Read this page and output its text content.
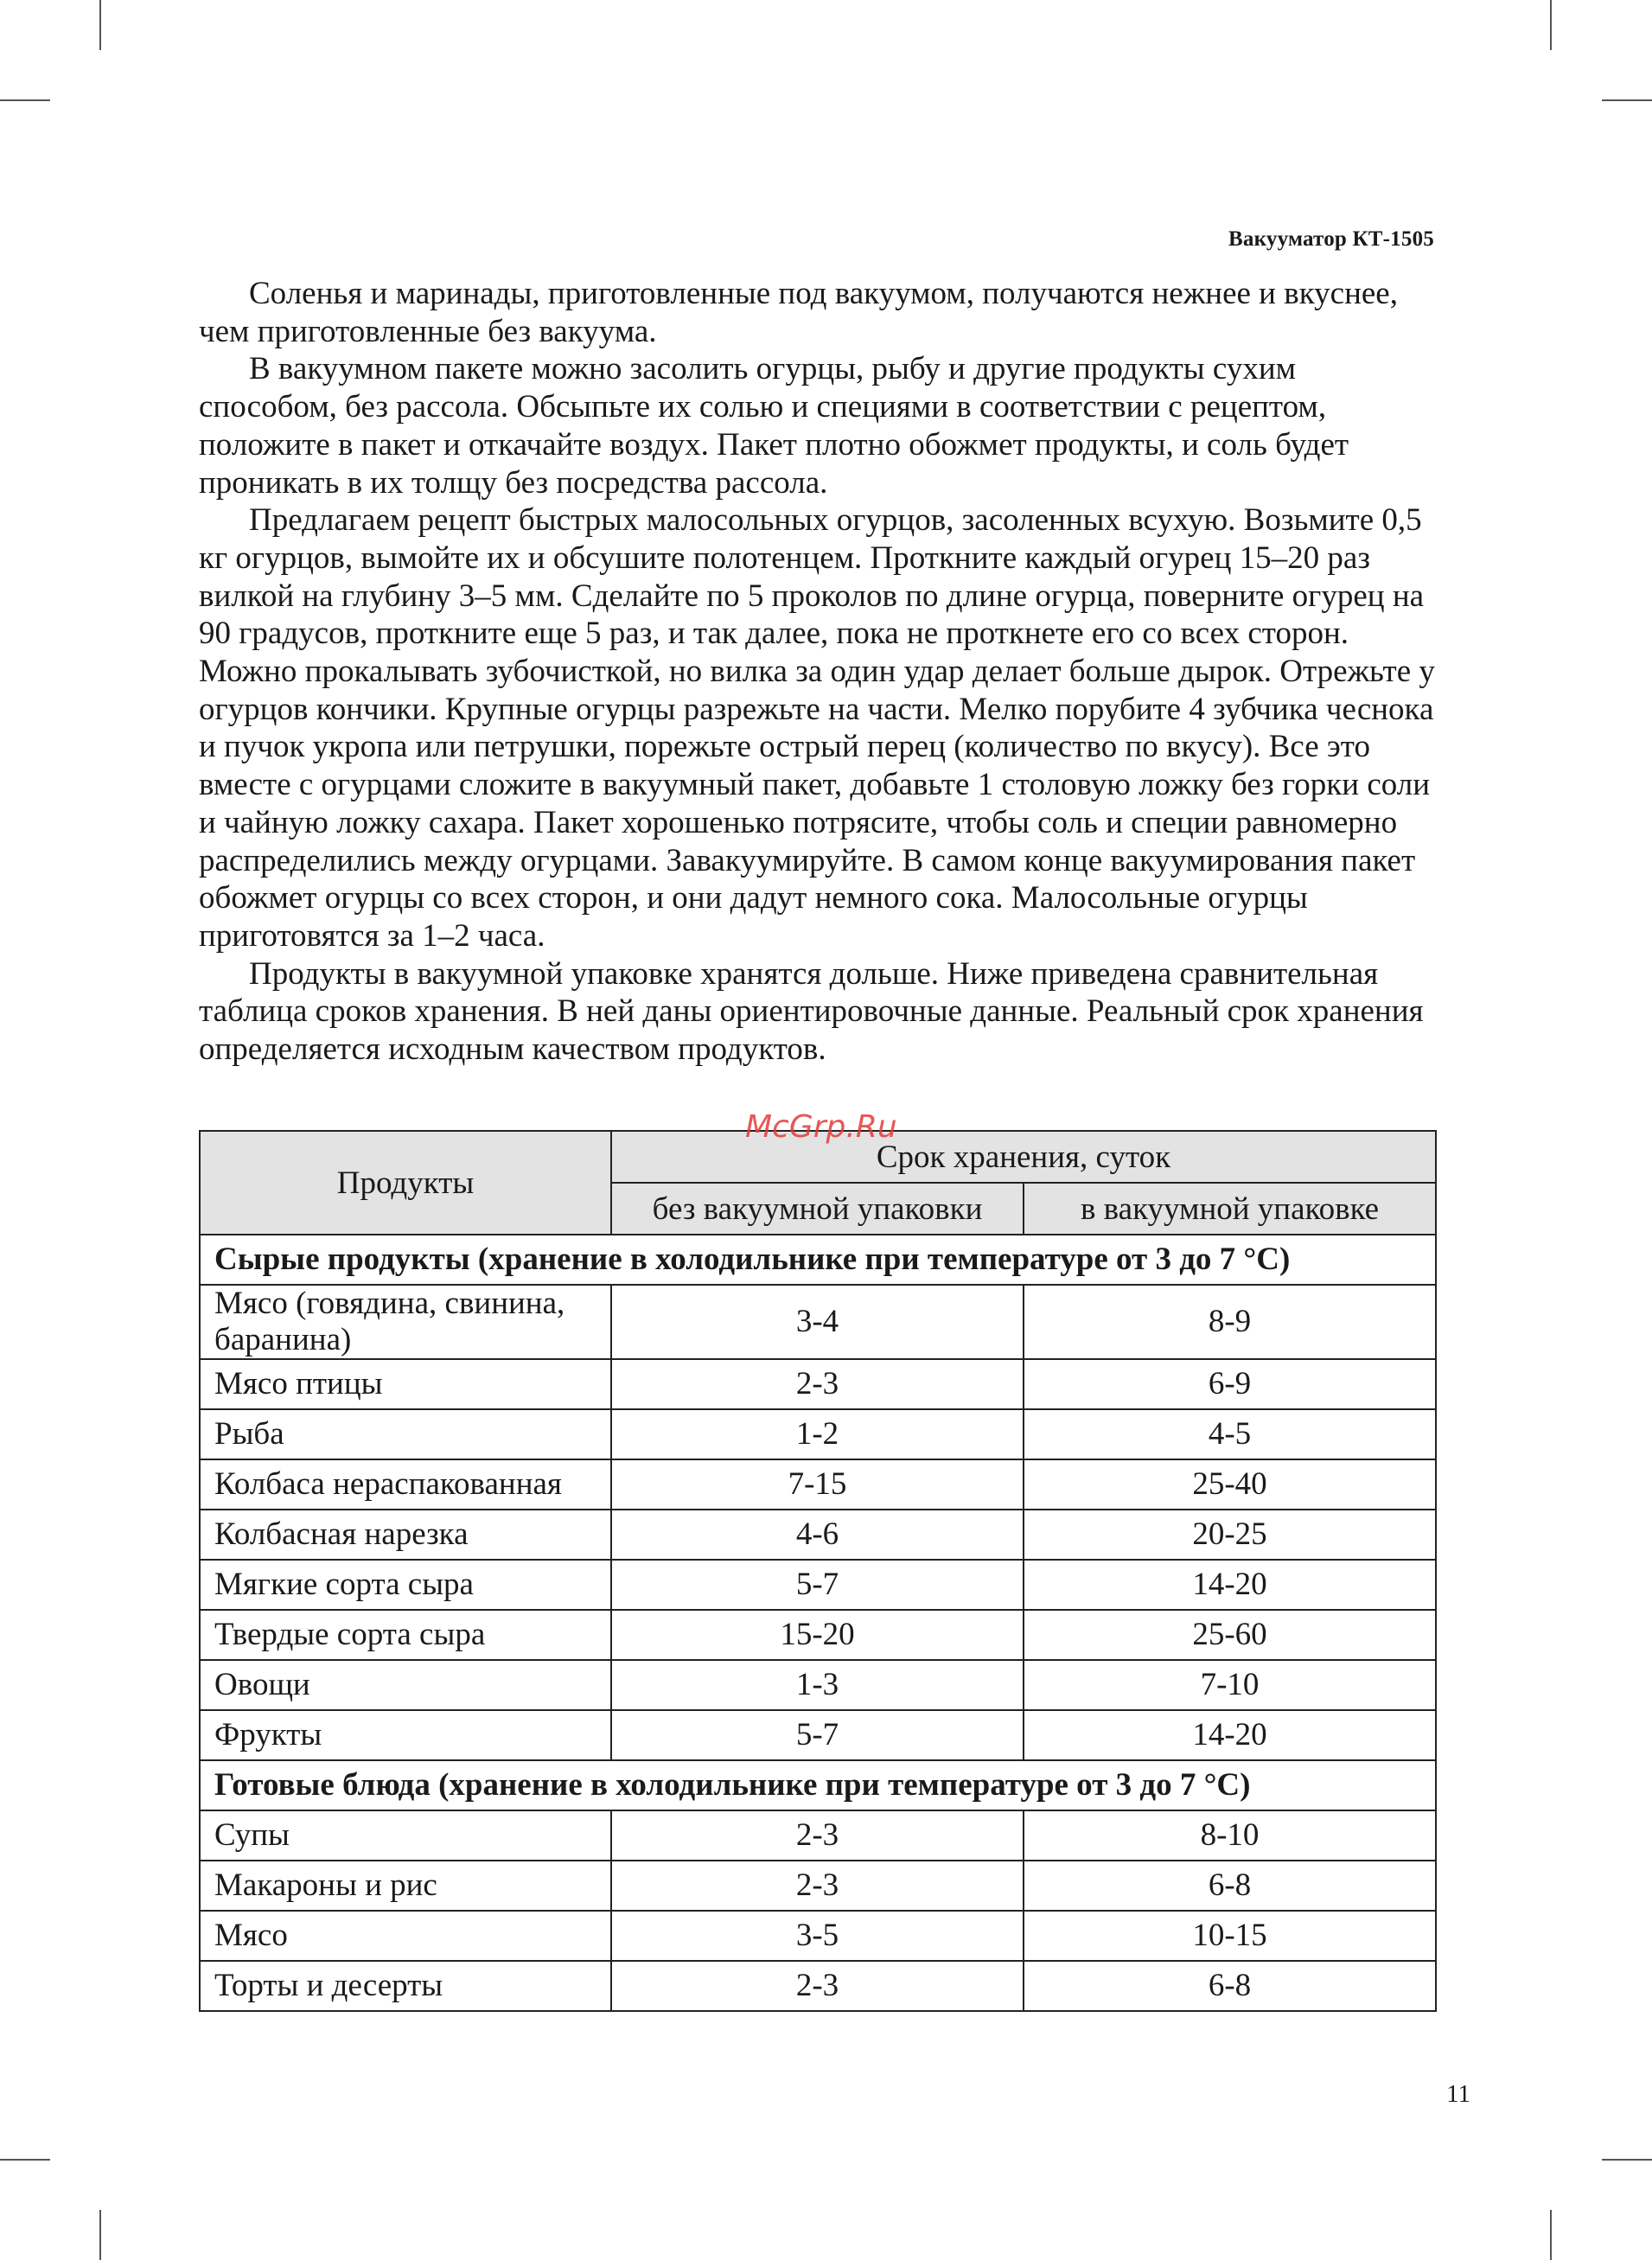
Вакууматор КТ-1505

Соленья и маринады, приготовленные под вакуумом, получаются нежнее и вкуснее, чем приготовленные без вакуума.

В вакуумном пакете можно засолить огурцы, рыбу и другие продукты сухим способом, без рассола. Обсыпьте их солью и специями в соответствии с рецептом, положите в пакет и откачайте воздух. Пакет плотно обожмет продукты, и соль будет проникать в их толщу без посредства рассола.

Предлагаем рецепт быстрых малосольных огурцов, засоленных всухую. Возьмите 0,5 кг огурцов, вымойте их и обсушите полотенцем. Проткните каждый огурец 15–20 раз вилкой на глубину 3–5 мм. Сделайте по 5 проколов по длине огурца, поверните огурец на 90 градусов, проткните еще 5 раз, и так далее, пока не проткнете его со всех сторон. Можно прокалывать зубочисткой, но вилка за один удар делает больше дырок. Отрежьте у огурцов кончики. Крупные огурцы разрежьте на части. Мелко порубите 4 зубчика чеснока и пучок укропа или петрушки, порежьте острый перец (количество по вкусу). Все это вместе с огурцами сложите в вакуумный пакет, добавьте 1 столовую ложку без горки соли и чайную ложку сахара. Пакет хорошенько потрясите, чтобы соль и специи равномерно распределились между огурцами. Завакуумируйте. В самом конце вакуумирования пакет обожмет огурцы со всех сторон, и они дадут немного сока. Малосольные огурцы приготовятся за 1–2 часа.

Продукты в вакуумной упаковке хранятся дольше. Ниже приведена сравнительная таблица сроков хранения. В ней даны ориентировочные данные. Реальный срок хранения определяется исходным качеством продуктов.

Продукты	Срок хранения, суток	
	без вакуумной упаковки	в вакуумной упаковке
Сырые продукты (хранение в холодильнике при температуре от 3 до 7 °С)		
Мясо (говядина, свинина, баранина)	3-4	8-9
Мясо птицы	2-3	6-9
Рыба	1-2	4-5
Колбаса нераспакованная	7-15	25-40
Колбасная нарезка	4-6	20-25
Мягкие сорта сыра	5-7	14-20
Твердые сорта сыра	15-20	25-60
Овощи	1-3	7-10
Фрукты	5-7	14-20
Готовые блюда (хранение в холодильнике при температуре от 3 до 7 °С)		
Супы	2-3	8-10
Макароны и рис	2-3	6-8
Мясо	3-5	10-15
Торты и десерты	2-3	6-8
McGrp.Ru
11
